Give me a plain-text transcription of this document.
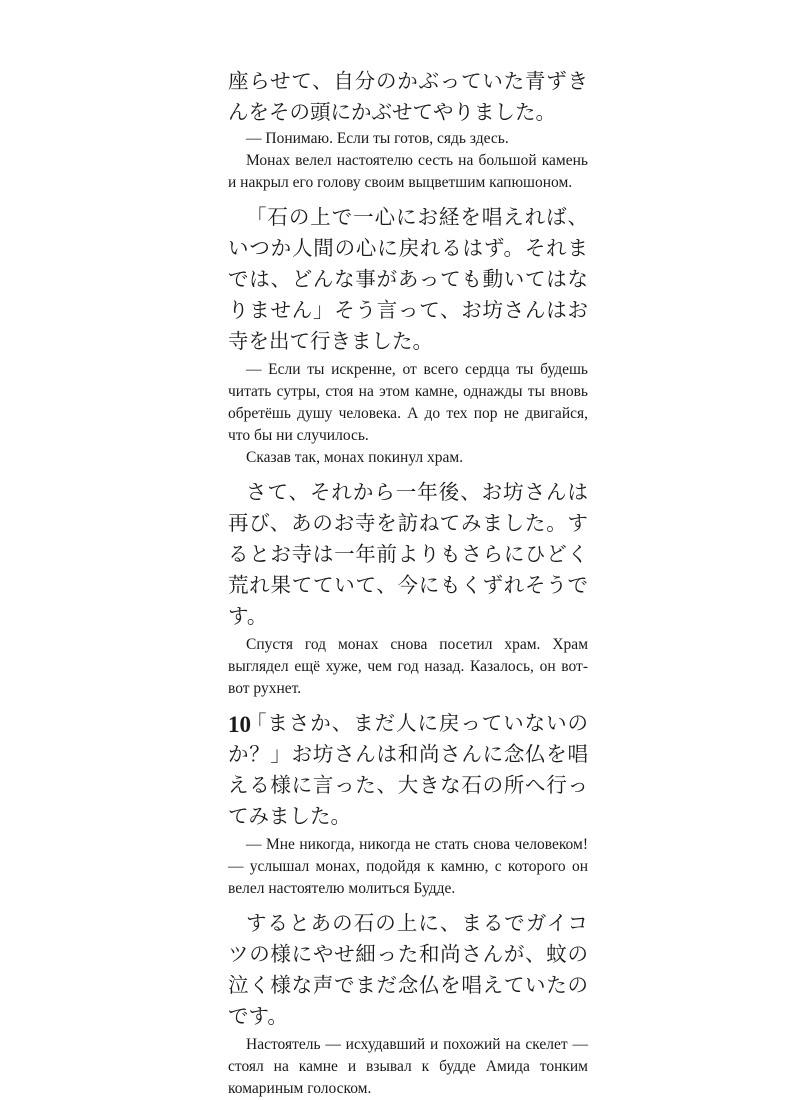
座らせて、自分のかぶっていた青ずきんをその頭にかぶせてやりました。

— Понимаю. Если ты готов, сядь здесь.

Монах велел настоятелю сесть на большой камень и накрыл его голову своим выцветшим капюшоном.

「石の上で一心にお経を唱えれば、いつか人間の心に戻れるはず。それまでは、どんな事があっても動いてはなりません」そう言って、お坊さんはお寺を出て行きました。

— Если ты искренне, от всего сердца ты будешь читать сутры, стоя на этом камне, однажды ты вновь обретёшь душу человека. А до тех пор не двигайся, что бы ни случилось.

Сказав так, монах покинул храм.

さて、それから一年後、お坊さんは再び、あのお寺を訪ねてみました。するとお寺は一年前よりもさらにひどく荒れ果てていて、今にもくずれそうです。

Спустя год монах снова посетил храм. Храм выглядел ещё хуже, чем год назад. Казалось, он вот-вот рухнет.

「まさか、まだ人に戻っていないのか？」お坊さんは和尚さんに念仏を唱える様に言った、大きな石の所へ行ってみました。

— Мне никогда, никогда не стать снова человеком! — услышал монах, подойдя к камню, с которого он велел настоятелю молиться Будде.

するとあの石の上に、まるでガイコツの様にやせ細った和尚さんが、蚊の泣く様な声でまだ念仏を唱えていたのです。

Настоятель — исхудавший и похожий на скелет — стоял на камне и взывал к будде Амида тонким комариным голоском.

10
